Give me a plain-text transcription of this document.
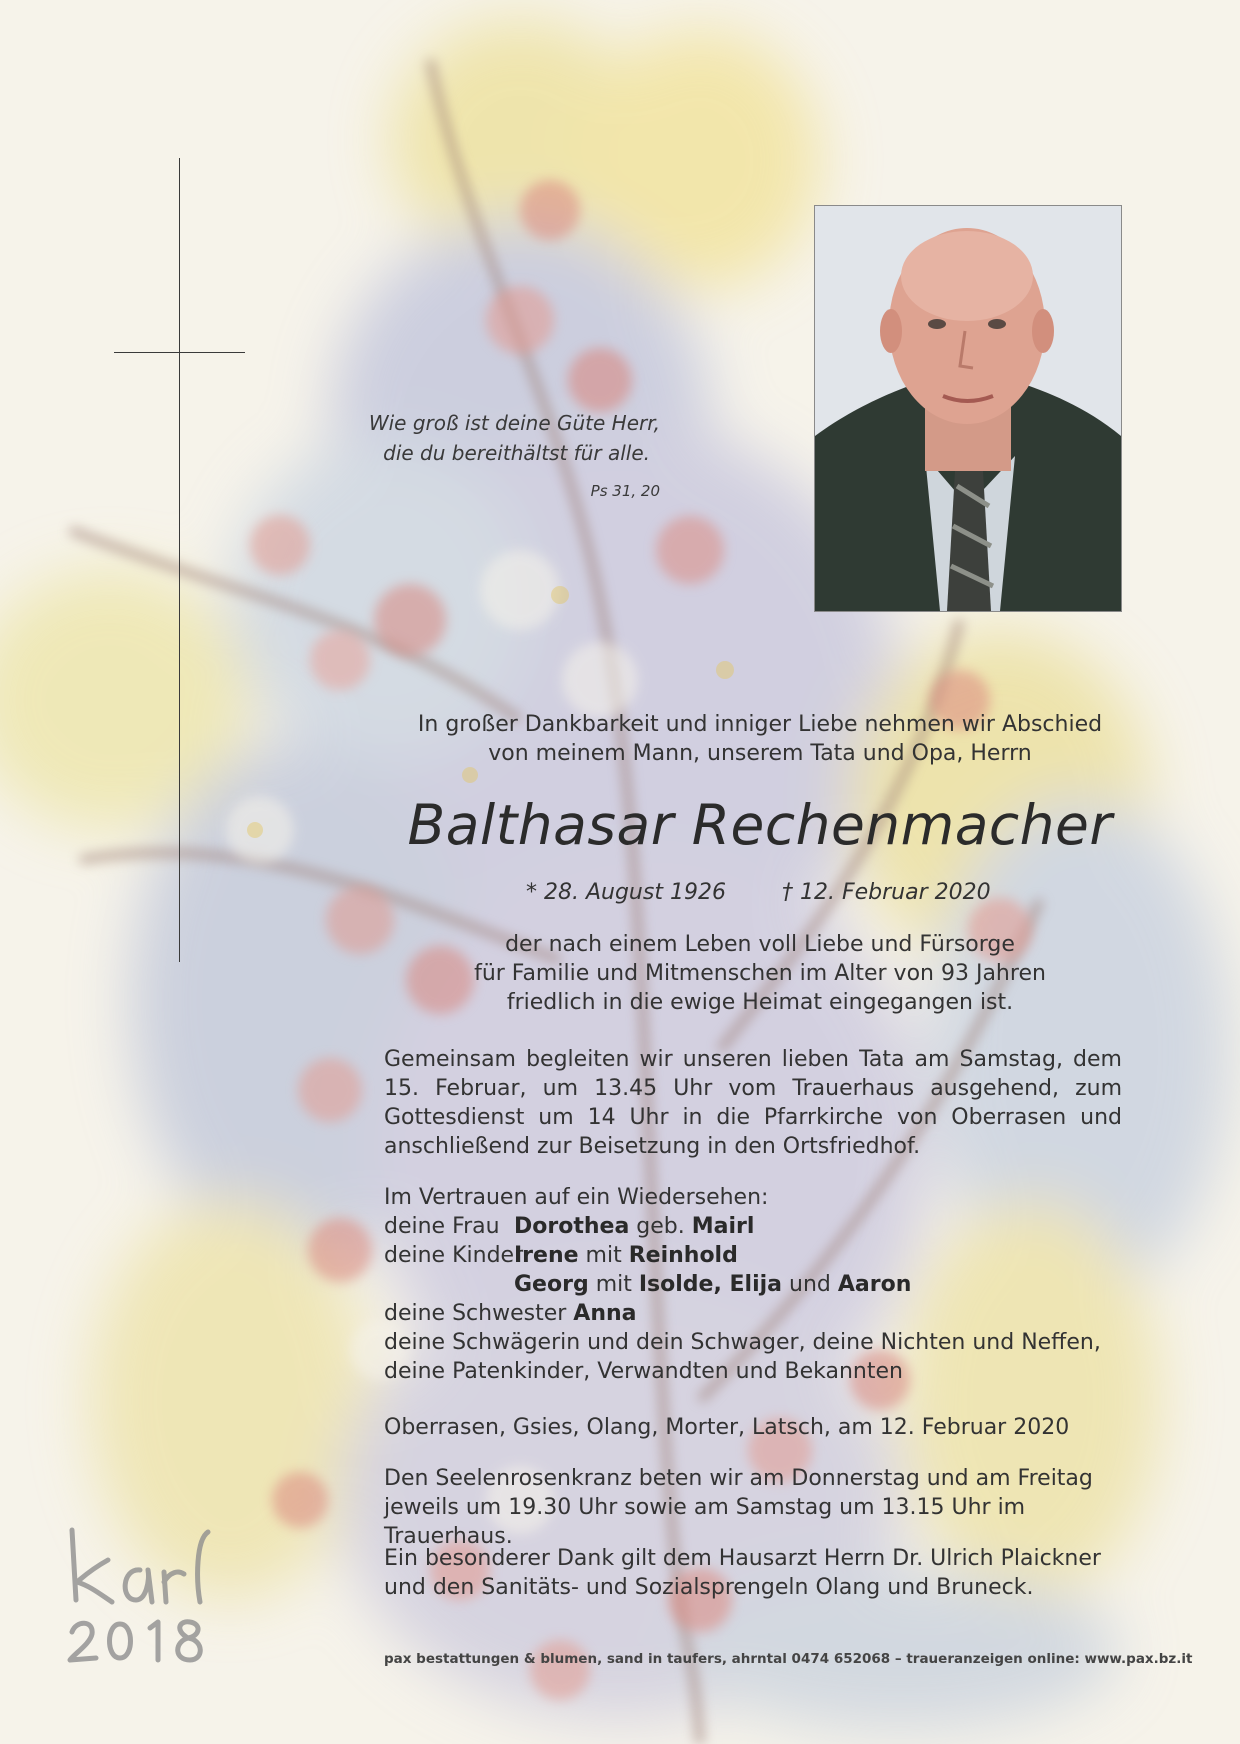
Wie groß ist deine Güte Herr,
die du bereithältst für alle.
Ps 31, 20
In großer Dankbarkeit und inniger Liebe nehmen wir Abschied
von meinem Mann, unserem Tata und Opa, Herrn
Balthasar Rechenmacher
* 28. August 1926	† 12. Februar 2020
der nach einem Leben voll Liebe und Fürsorge
für Familie und Mitmenschen im Alter von 93 Jahren
friedlich in die ewige Heimat eingegangen ist.
Gemeinsam begleiten wir unseren lieben Tata am Samstag, dem 15. Februar, um 13.45 Uhr vom Trauerhaus ausgehend, zum Gottesdienst um 14 Uhr in die Pfarrkirche von Oberrasen und anschließend zur Beisetzung in den Ortsfriedhof.
Im Vertrauen auf ein Wiedersehen:
deine Frau Dorothea geb. Mairl
deine KinderIrene mit Reinhold
Georg mit Isolde, Elija und Aaron
deine Schwester Anna
deine Schwägerin und dein Schwager, deine Nichten und Neffen,
deine Patenkinder, Verwandten und Bekannten
Oberrasen, Gsies, Olang, Morter, Latsch, am 12. Februar 2020
Den Seelenrosenkranz beten wir am Donnerstag und am Freitag jeweils um 19.30 Uhr sowie am Samstag um 13.15 Uhr im Trauerhaus.
Ein besonderer Dank gilt dem Hausarzt Herrn Dr. Ulrich Plaickner und den Sanitäts- und Sozialsprengeln Olang und Bruneck.
pax bestattungen & blumen, sand in taufers, ahrntal 0474 652068 – traueranzeigen online: www.pax.bz.it
